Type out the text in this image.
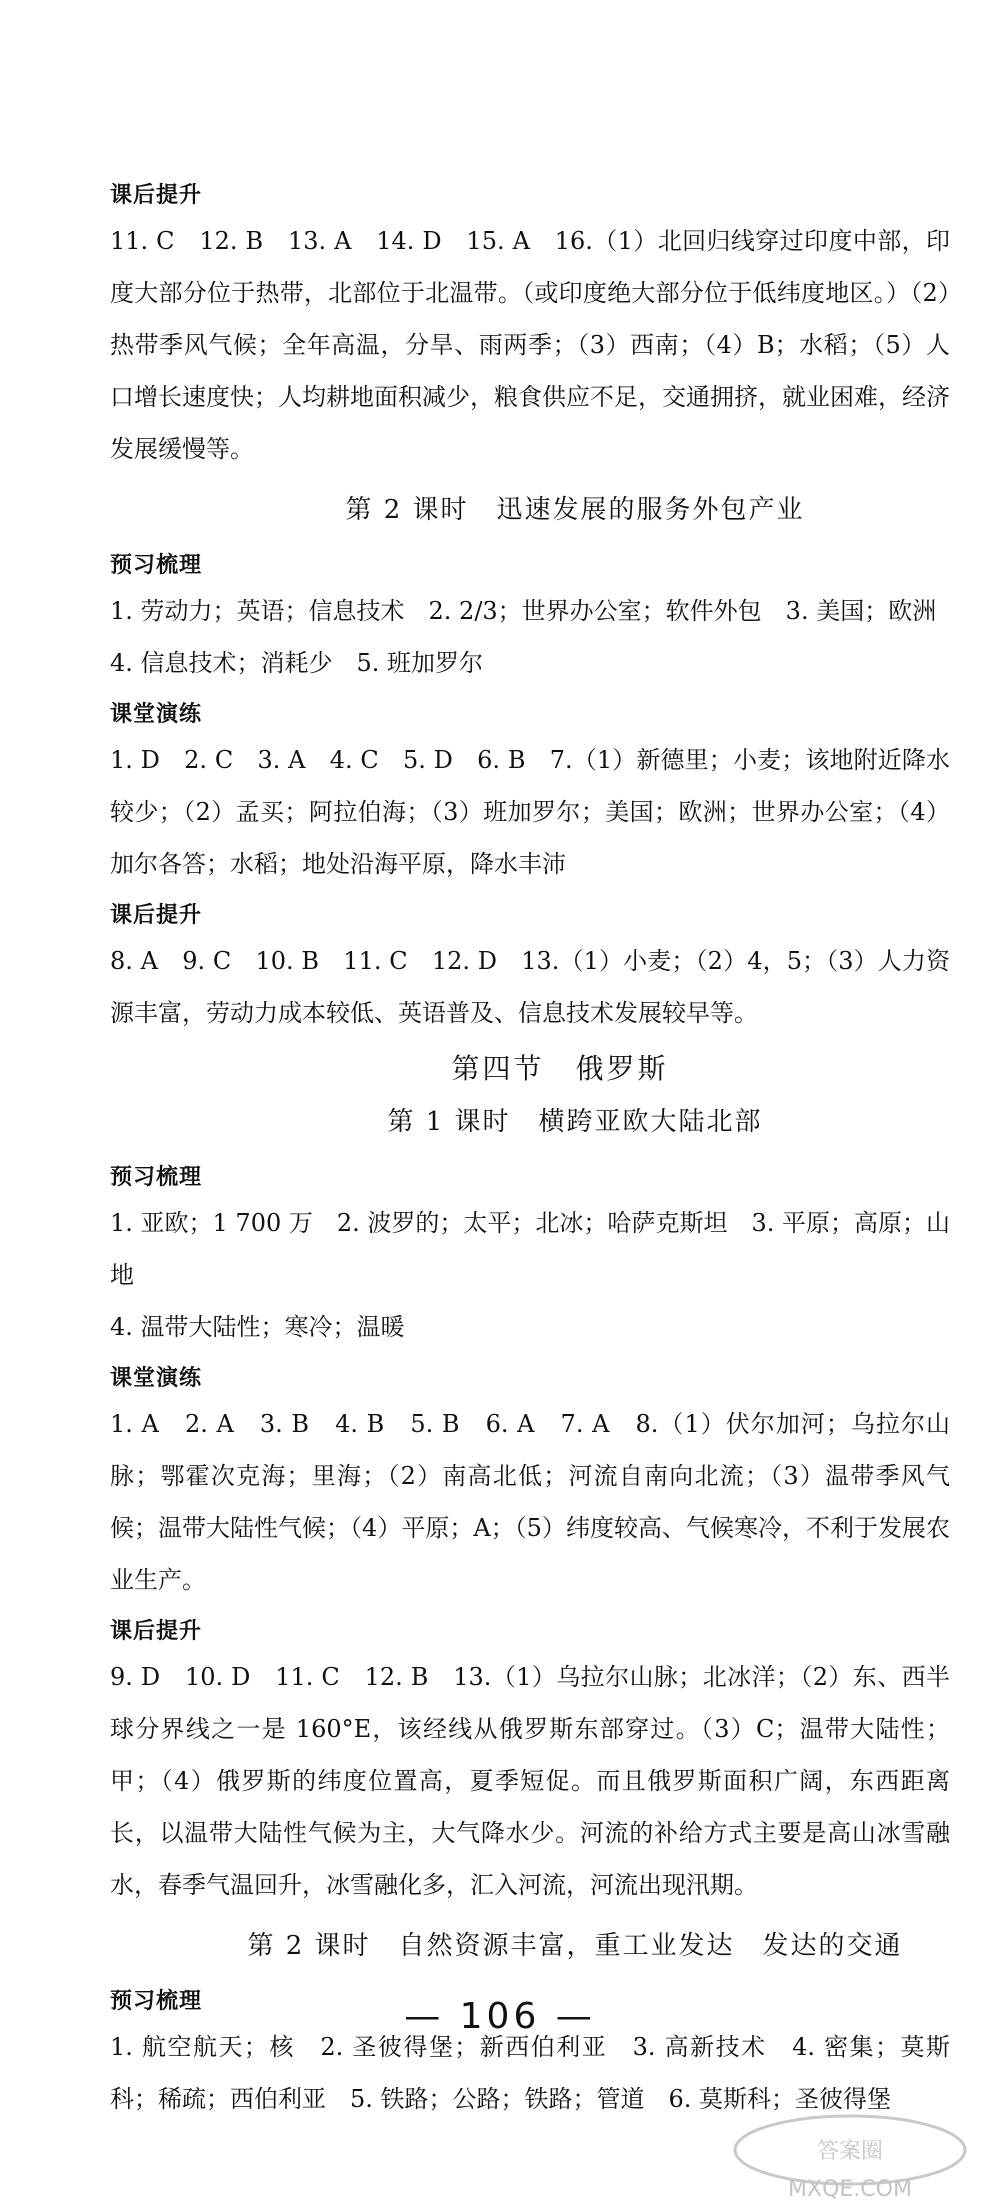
课后提升
11. C　12. B　13. A　14. D　15. A　16.（1）北回归线穿过印度中部，印度大部分位于热带，北部位于北温带。（或印度绝大部分位于低纬度地区。）（2）热带季风气候；全年高温，分旱、雨两季；（3）西南；（4）B；水稻；（5）人口增长速度快；人均耕地面积减少，粮食供应不足，交通拥挤，就业困难，经济发展缓慢等。
第 2 课时　迅速发展的服务外包产业
预习梳理
1. 劳动力；英语；信息技术　2. 2/3；世界办公室；软件外包　3. 美国；欧洲
4. 信息技术；消耗少　5. 班加罗尔
课堂演练
1. D　2. C　3. A　4. C　5. D　6. B　7.（1）新德里；小麦；该地附近降水较少；（2）孟买；阿拉伯海；（3）班加罗尔；美国；欧洲；世界办公室；（4）加尔各答；水稻；地处沿海平原，降水丰沛
课后提升
8. A　9. C　10. B　11. C　12. D　13.（1）小麦；（2）4，5；（3）人力资源丰富，劳动力成本较低、英语普及、信息技术发展较早等。
第四节　俄罗斯
第 1 课时　横跨亚欧大陆北部
预习梳理
1. 亚欧；1 700 万　2. 波罗的；太平；北冰；哈萨克斯坦　3. 平原；高原；山地
4. 温带大陆性；寒冷；温暖
课堂演练
1. A　2. A　3. B　4. B　5. B　6. A　7. A　8.（1）伏尔加河；乌拉尔山脉；鄂霍次克海；里海；（2）南高北低；河流自南向北流；（3）温带季风气候；温带大陆性气候；（4）平原；A；（5）纬度较高、气候寒冷，不利于发展农业生产。
课后提升
9. D　10. D　11. C　12. B　13.（1）乌拉尔山脉；北冰洋；（2）东、西半球分界线之一是 160°E，该经线从俄罗斯东部穿过。（3）C；温带大陆性；甲；（4）俄罗斯的纬度位置高，夏季短促。而且俄罗斯面积广阔，东西距离长，以温带大陆性气候为主，大气降水少。河流的补给方式主要是高山冰雪融水，春季气温回升，冰雪融化多，汇入河流，河流出现汛期。
第 2 课时　自然资源丰富，重工业发达　发达的交通
预习梳理
1. 航空航天；核　2. 圣彼得堡；新西伯利亚　3. 高新技术　4. 密集；莫斯科；稀疏；西伯利亚　5. 铁路；公路；铁路；管道　6. 莫斯科；圣彼得堡
— 106 —
答案圈
MXQE.COM
